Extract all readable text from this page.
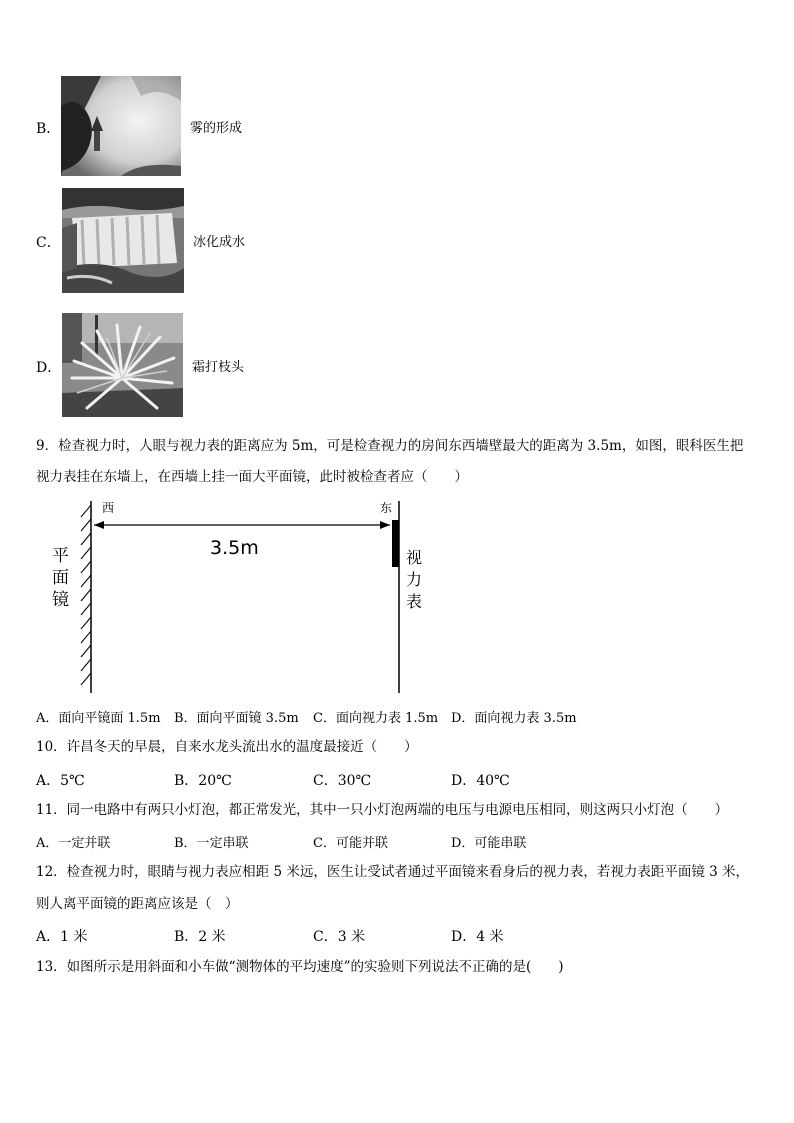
B．	雾的形成
C．	冰化成水
D．	霜打枝头
9．检查视力时，人眼与视力表的距离应为 5m，可是检查视力的房间东西墙壁最大的距离为 3.5m，如图，眼科医生把
视力表挂在东墙上，在西墙上挂一面大平面镜，此时被检查者应（　　）
西	东
3.5m
平
面
镜
视
力
表
A．面向平镜面 1.5m B．面向平面镜 3.5m C．面向视力表 1.5m D．面向视力表 3.5m
10．许昌冬天的早晨，自来水龙头流出水的温度最接近（　　）
A．5℃	B．20℃	C．30℃	D．40℃
11．同一电路中有两只小灯泡，都正常发光，其中一只小灯泡两端的电压与电源电压相同，则这两只小灯泡（　　）
A．一定并联	B．一定串联	C．可能并联	D．可能串联
12．检查视力时，眼睛与视力表应相距 5 米远，医生让受试者通过平面镜来看身后的视力表，若视力表距平面镜 3 米，
则人离平面镜的距离应该是（　）
A．1 米	B．2 米	C．3 米	D．4 米
13．如图所示是用斜面和小车做“测物体的平均速度”的实验则下列说法不正确的是(　　)
